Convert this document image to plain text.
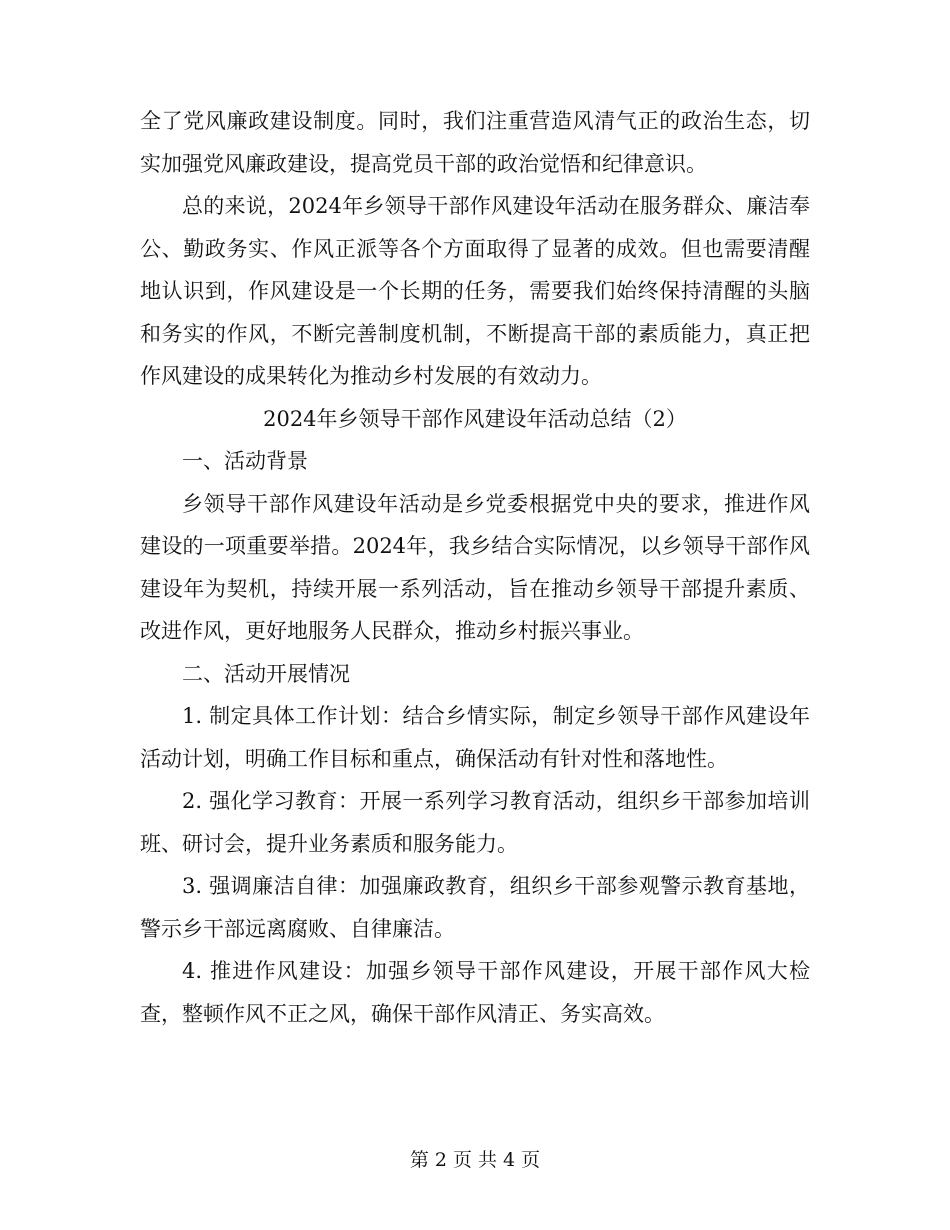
全了党风廉政建设制度。同时，我们注重营造风清气正的政治生态，切实加强党风廉政建设，提高党员干部的政治觉悟和纪律意识。

总的来说，2024年乡领导干部作风建设年活动在服务群众、廉洁奉公、勤政务实、作风正派等各个方面取得了显著的成效。但也需要清醒地认识到，作风建设是一个长期的任务，需要我们始终保持清醒的头脑和务实的作风，不断完善制度机制，不断提高干部的素质能力，真正把作风建设的成果转化为推动乡村发展的有效动力。

2024年乡领导干部作风建设年活动总结（2）

一、活动背景

乡领导干部作风建设年活动是乡党委根据党中央的要求，推进作风建设的一项重要举措。2024年，我乡结合实际情况，以乡领导干部作风建设年为契机，持续开展一系列活动，旨在推动乡领导干部提升素质、改进作风，更好地服务人民群众，推动乡村振兴事业。

二、活动开展情况

1. 制定具体工作计划：结合乡情实际，制定乡领导干部作风建设年活动计划，明确工作目标和重点，确保活动有针对性和落地性。

2. 强化学习教育：开展一系列学习教育活动，组织乡干部参加培训班、研讨会，提升业务素质和服务能力。

3. 强调廉洁自律：加强廉政教育，组织乡干部参观警示教育基地，警示乡干部远离腐败、自律廉洁。

4. 推进作风建设：加强乡领导干部作风建设，开展干部作风大检查，整顿作风不正之风，确保干部作风清正、务实高效。

第 2 页 共 4 页
